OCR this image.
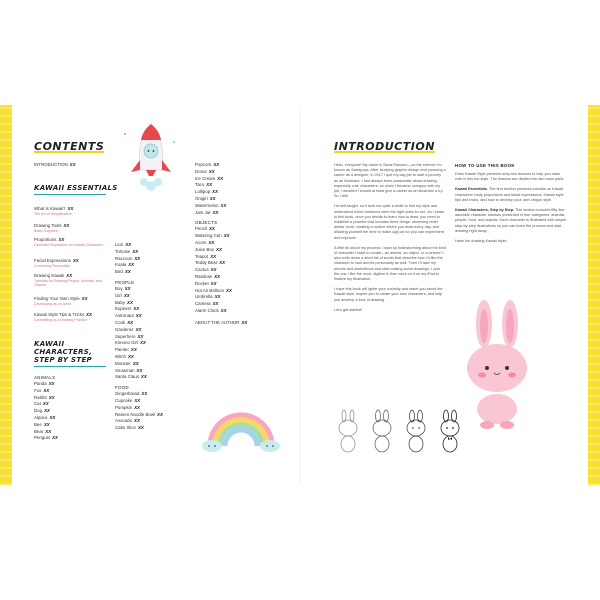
CONTENTS
INTRODUCTION XX
KAWAII ESSENTIALS
What Is Kawaii? XX
The Art of Simplification
Drawing Tools XX
Basic Supplies
Proportions XX
Essential Proportions for Kawaii Characters
Facial Expressions XX
Conveying Personality
Drawing Kawaii XX
Tutorials for Drawing People, Animals, and Objects
Finding Your Own Style XX
Developing as an Artist
Kawaii Style Tips & Tricks XX
Committing to a Drawing Practice
KAWAII
CHARACTERS,
STEP BY STEP
ANIMALS
Panda XX
Fox XX
Rabbit XX
Cat XX
Dog XX
Alpaca XX
Bee XX
Bear XX
Penguin XX
Lion XX
Tortoise XX
Raccoon XX
Koala XX
Bird XX
PEOPLE
Boy XX
Girl XX
Baby XX
Explorer XX
Astronaut XX
Cook XX
Gardener XX
Superhero XX
Kimono Girl XX
Painter XX
Witch XX
Monster XX
Snowman XX
Santa Claus XX
FOOD
Gingerbread XX
Cupcake XX
Pumpkin XX
Ramen Noodle Bowl XX
Avocado XX
Cake Slice XX
Popcorn XX
Donut XX
Ice Cream XX
Taco XX
Lollipop XX
Onigiri XX
Watermelon XX
Jam Jar XX
OBJECTS
Pencil XX
Watering Can XX
Acorn XX
Juice Box XX
Teapot XX
Teddy Bear XX
Cactus XX
Rainbow XX
Rocket XX
Hot Air Balloon XX
Umbrella XX
Camera XX
Alarm Clock XX
ABOUT THE AUTHOR XX
INTRODUCTION

Hello, everyone! My name is Sarra Ransom—on the internet I'm known as Sarrapops. After studying graphic design and pursuing a career as a designer, in 2017 I quit my day job to start a journey as an illustrator. I had always been passionate about drawing, especially cute characters, so when I became unhappy with my job, I decided I should at least give a career as an illustrator a try. So I did!

I'm self-taught, so it took me quite a while to find my style and understand which mediums were the right ones for me. As I share in this book, once you decide to learn how to draw, you need to establish a practice that includes three things: observing other artists' work, creating a routine where you draw every day, and allowing yourself the time to make ugly art so you can experiment and improve!

A little bit about my process: I start by brainstorming about the kind of character I want to create—an animal, an object, or a person? I also write down a short list of words that describe how I'd like the character to look and its personality as well. Then I'll take my pencils and sketchbook and start making some drawings. I pick the one I like the most, digitize it, then work on it on my iPad to finalize my illustration.

I hope this book will ignite your curiosity and teach you about the Kawaii style, inspire you to create your own characters, and help you develop a love of drawing.

Let's get started!

HOW TO USE THIS BOOK

Draw Kawaii Style presents sixty-two lessons to help you draw cute in this fun style. The lessons are divided into two main parts.

Kawaii Essentials. The first section presents tutorials on Kawaii characters' body proportions and facial expressions, Kawaii style tips and tricks, and how to develop your own unique style.

Kawaii Characters, Step by Step. This section includes fifty-five adorable character tutorials presented in four categories: animals, people, food, and objects. Each character is illustrated with simple step-by-step illustrations so you can learn the process and start drawing right away.

Have fun drawing Kawaii style!
